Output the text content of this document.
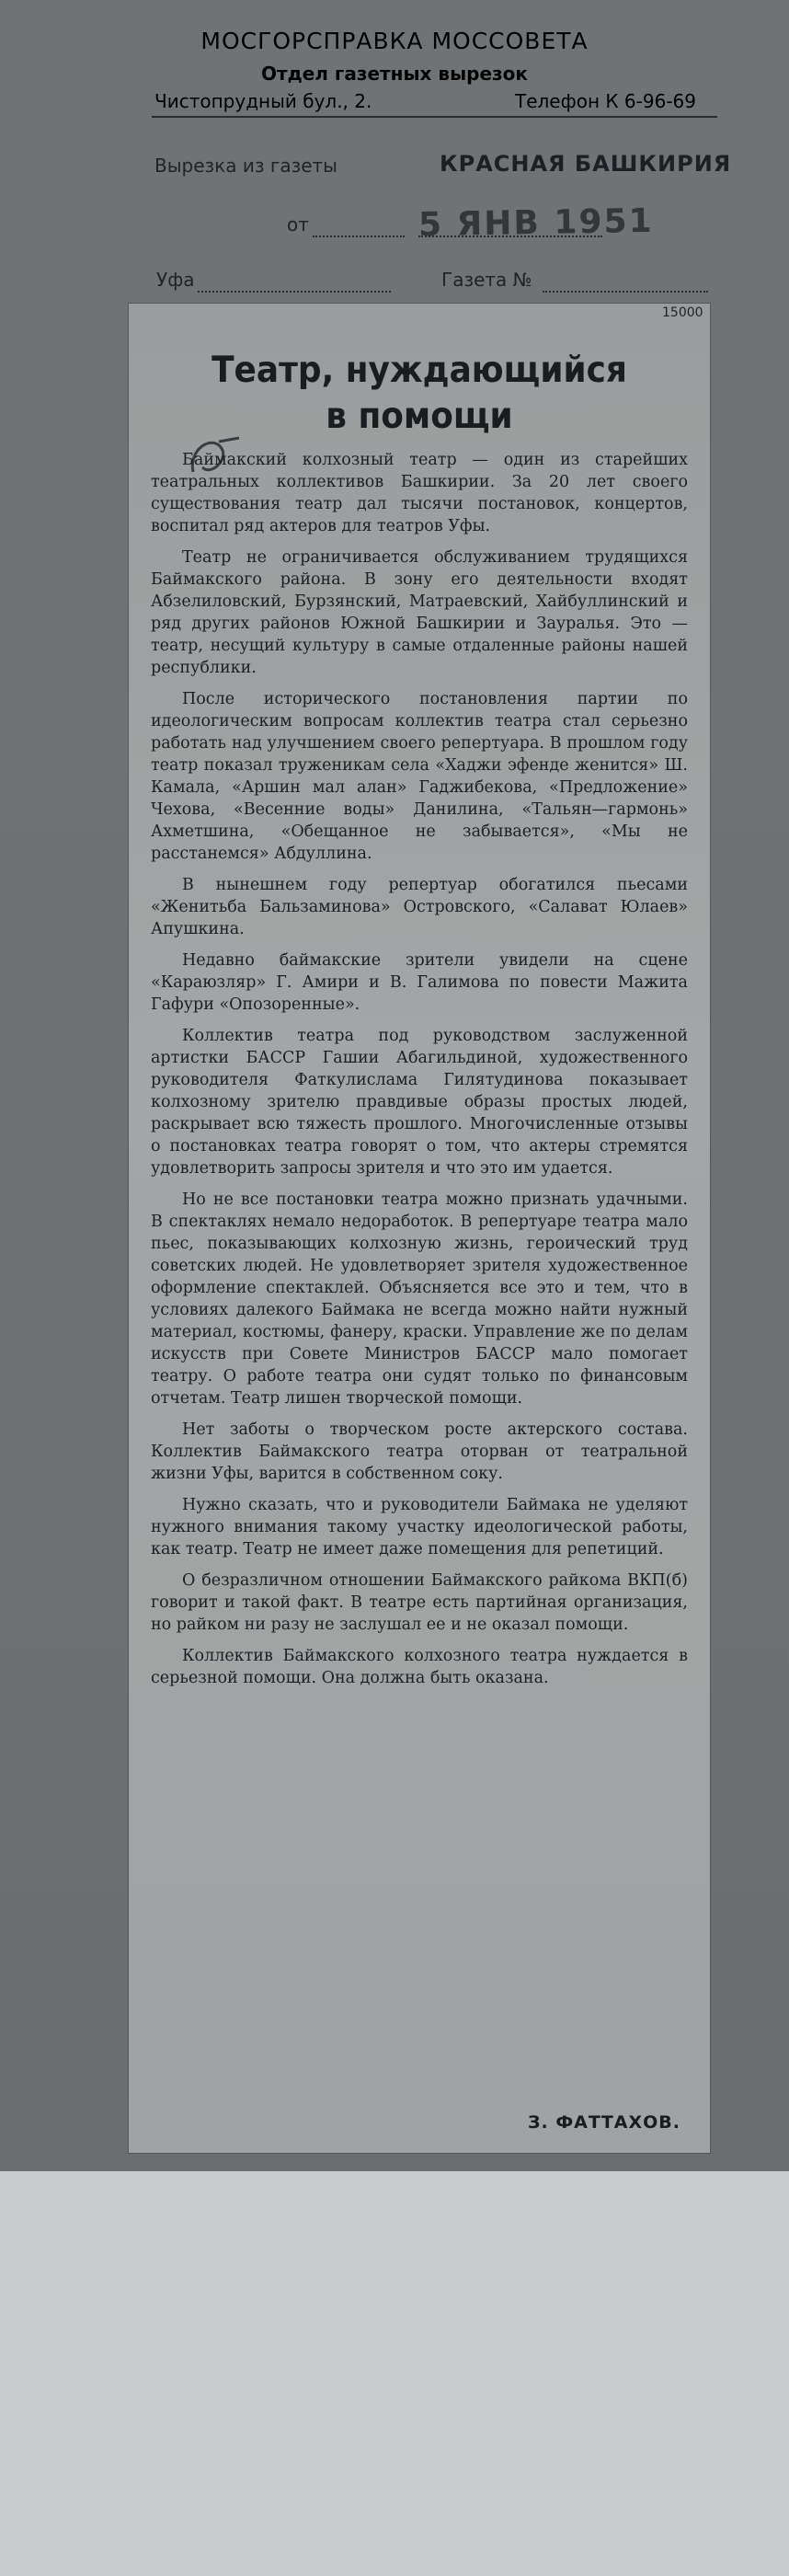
МОСГОРСПРАВКА МОССОВЕТА
Отдел газетных вырезок
Чистопрудный бул., 2.	Телефон К 6-96-69
Вырезка из газеты	КРАСНАЯ БАШКИРИЯ
от	5 ЯНВ 1951
Уфа	Газета №
15000
Театр, нуждающийся
в помощи

Баймакский колхозный театр — один из старейших театральных коллективов Башкирии. За 20 лет своего существования театр дал тысячи постановок, концертов, воспитал ряд актеров для театров Уфы.

Театр не ограничивается обслуживанием трудящихся Баймакского района. В зону его деятельности входят Абзелиловский, Бурзянский, Матраевский, Хайбуллинский и ряд других районов Южной Башкирии и Зауралья. Это —театр, несущий культуру в самые отдаленные районы нашей республики.

После исторического постановления партии по идеологическим вопросам коллектив театра стал серьезно работать над улучшением своего репертуара. В прошлом году театр показал труженикам села «Хаджи эфенде женится» Ш. Камала, «Аршин мал алан» Гаджибекова, «Предложение» Чехова, «Весенние воды» Данилина, «Тальян—гармонь» Ахметшина, «Обещанное не забывается», «Мы не расстанемся» Абдуллина.

В нынешнем году репертуар обогатился пьесами «Женитьба Бальзаминова» Островского, «Салават Юлаев» Апушкина.

Недавно баймакские зрители увидели на сцене «Караюзляр» Г. Амири и В. Галимова по повести Мажита Гафури «Опозоренные».

Коллектив театра под руководством заслуженной артистки БАССР Гашии Абагильдиной, художественного руководителя Фаткулислама Гилятудинова показывает колхозному зрителю правдивые образы простых людей, раскрывает всю тяжесть прошлого. Многочисленные отзывы о постановках театра говорят о том, что актеры стремятся удовлетворить запросы зрителя и что это им удается.

Но не все постановки театра можно признать удачными. В спектаклях немало недоработок. В репертуаре театра мало пьес, показывающих колхозную жизнь, героический труд советских людей. Не удовлетворяет зрителя художественное оформление спектаклей. Объясняется все это и тем, что в условиях далекого Баймака не всегда можно найти нужный материал, костюмы, фанеру, краски. Управление же по делам искусств при Совете Министров БАССР мало помогает театру. О работе театра они судят только по финансовым отчетам. Театр лишен творческой помощи.

Нет заботы о творческом росте актерского состава. Коллектив Баймакского театра оторван от театральной жизни Уфы, варится в собственном соку.

Нужно сказать, что и руководители Баймака не уделяют нужного внимания такому участку идеологической работы, как театр. Театр не имеет даже помещения для репетиций.

О безразличном отношении Баймакского райкома ВКП(б) говорит и такой факт. В театре есть партийная организация, но райком ни разу не заслушал ее и не оказал помощи.

Коллектив Баймакского колхозного театра нуждается в серьезной помощи. Она должна быть оказана.

З. ФАТТАХОВ.
